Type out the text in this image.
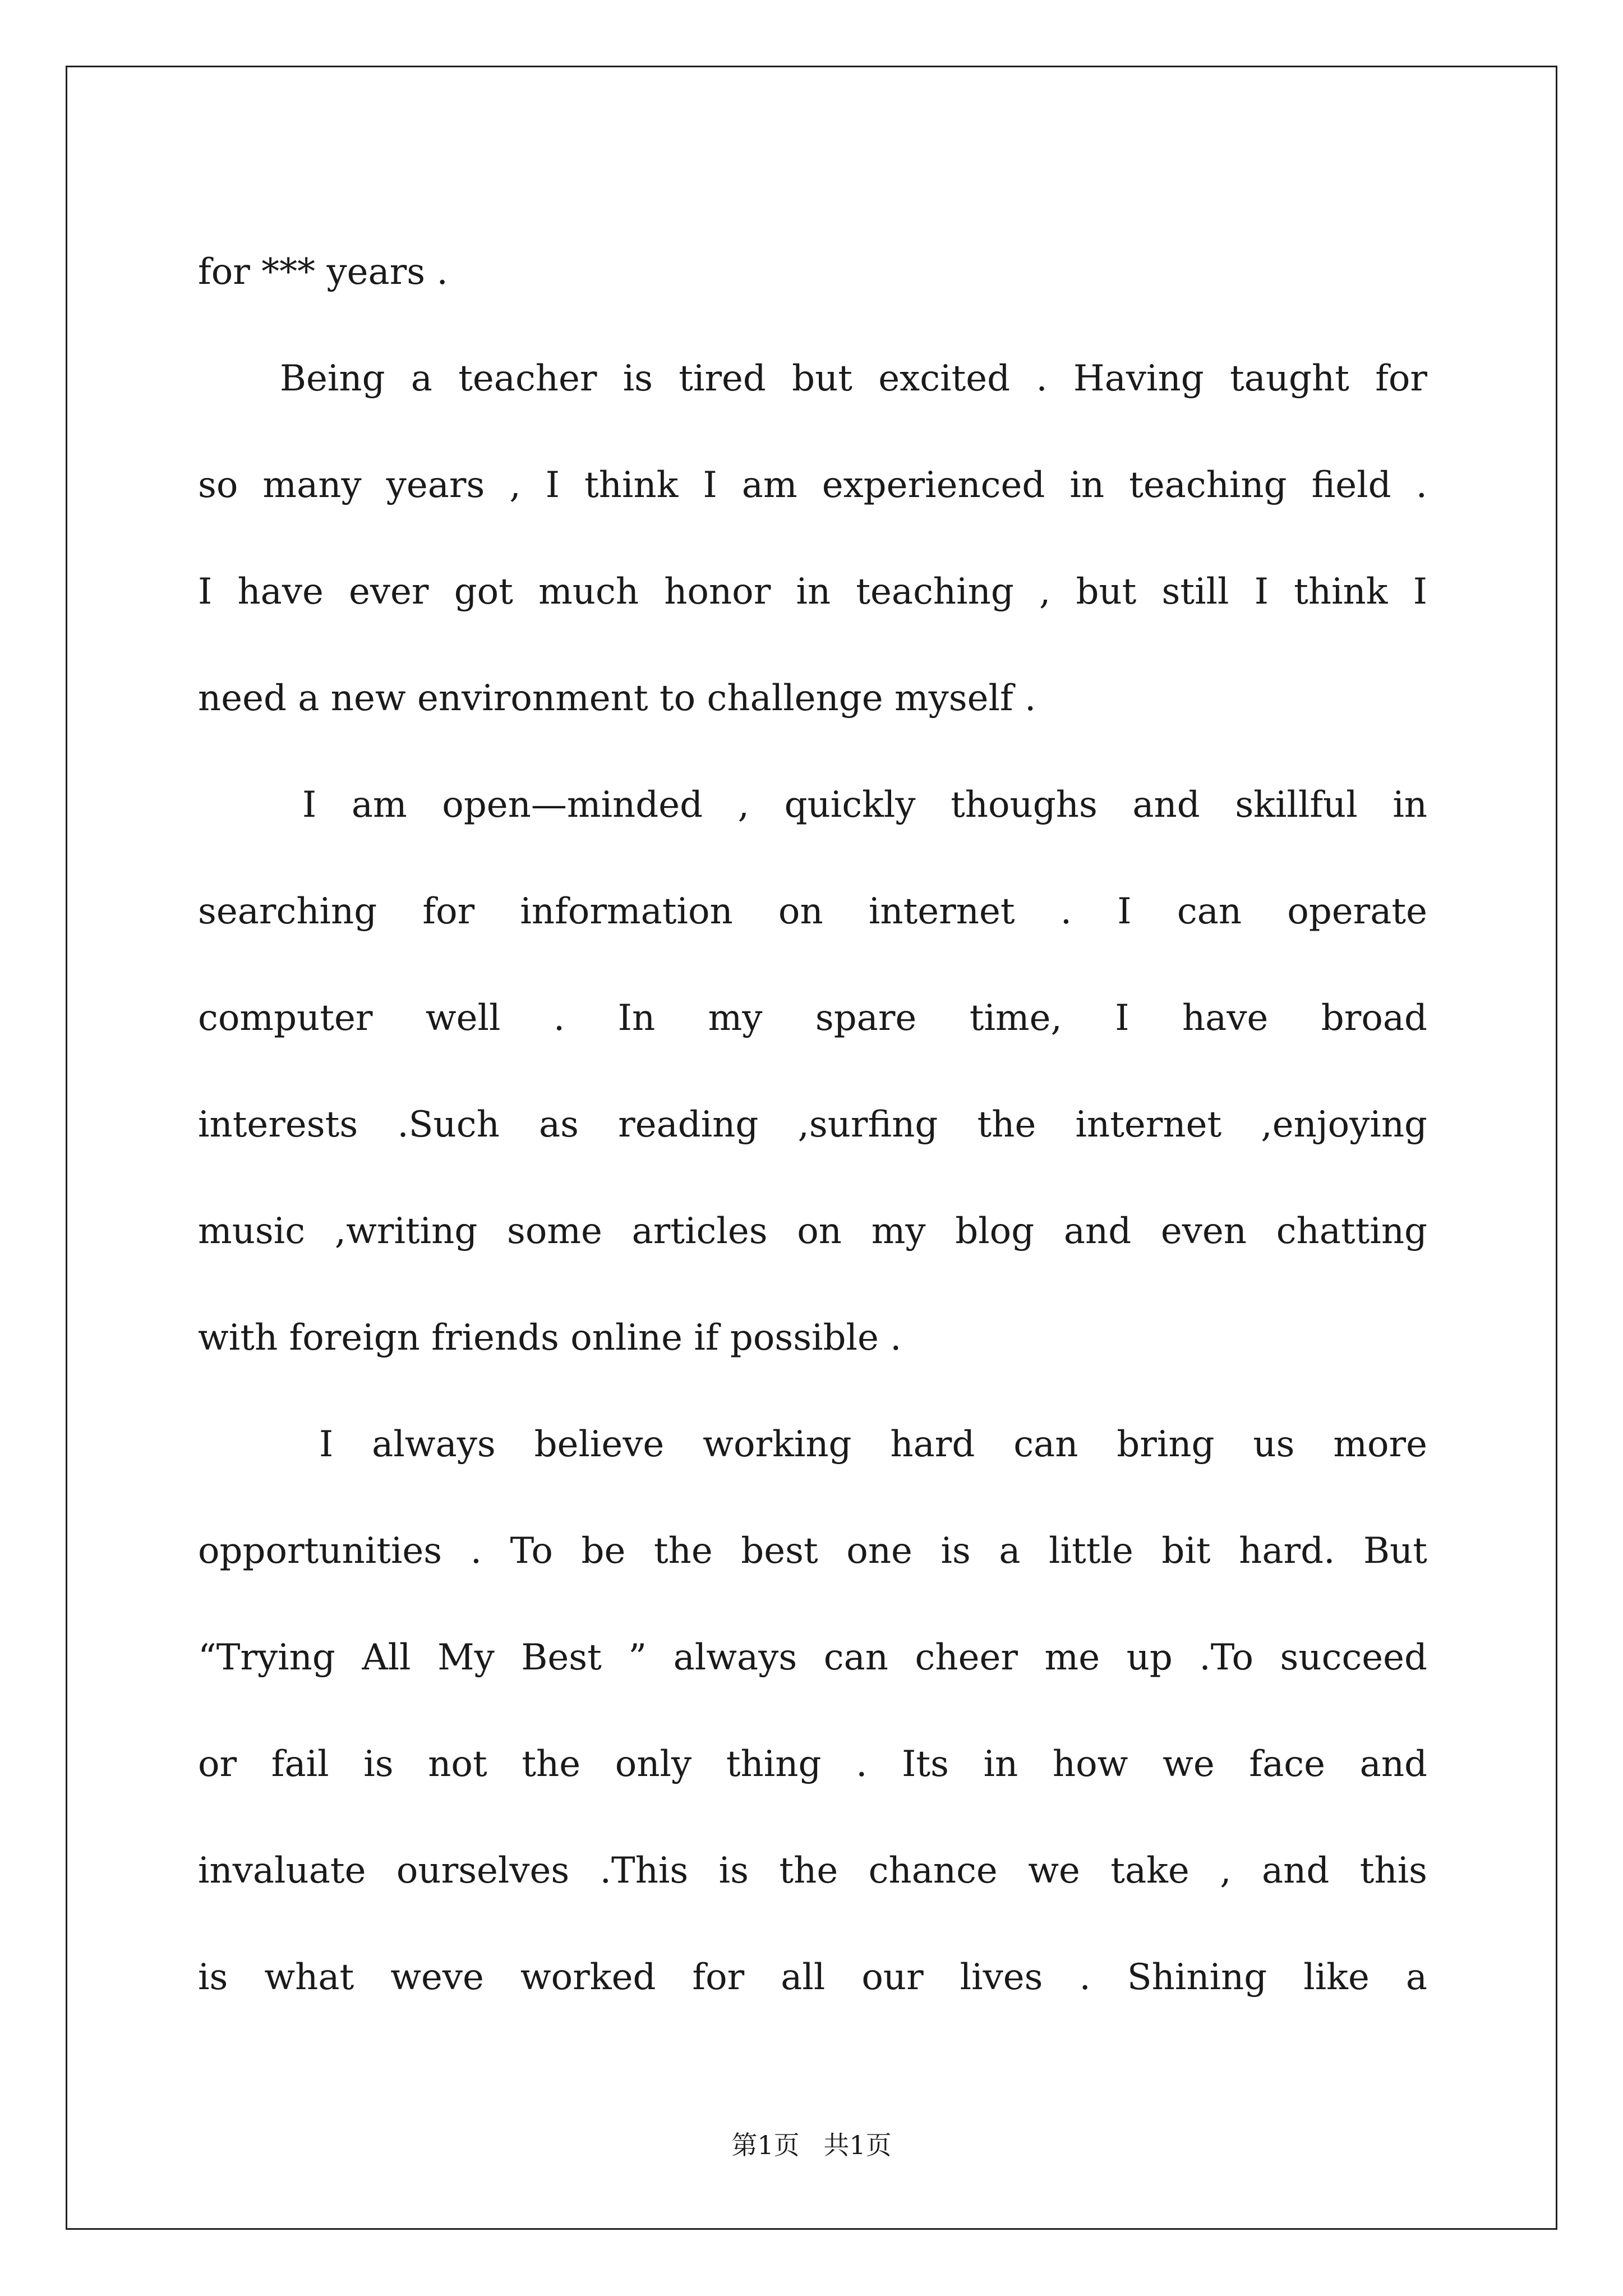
for *** years .
Being a teacher is tired but excited . Having taught for
so many years , I think I am experienced in teaching field .
I have ever got much honor in teaching , but still I think I
need a new environment to challenge myself .
I am open—minded , quickly thoughs and skillful in
searching for information on internet . I can operate
computer well . In my spare time, I have broad
interests .Such as reading ,surfing the internet ,enjoying
music ,writing some articles on my blog and even chatting
with foreign friends online if possible .
I always believe working hard can bring us more
opportunities . To be the best one is a little bit hard. But
“Trying All My Best ” always can cheer me up .To succeed
or fail is not the only thing . Its in how we face and
invaluate ourselves .This is the chance we take , and this
is what weve worked for all our lives . Shining like a
第1页 共1页
